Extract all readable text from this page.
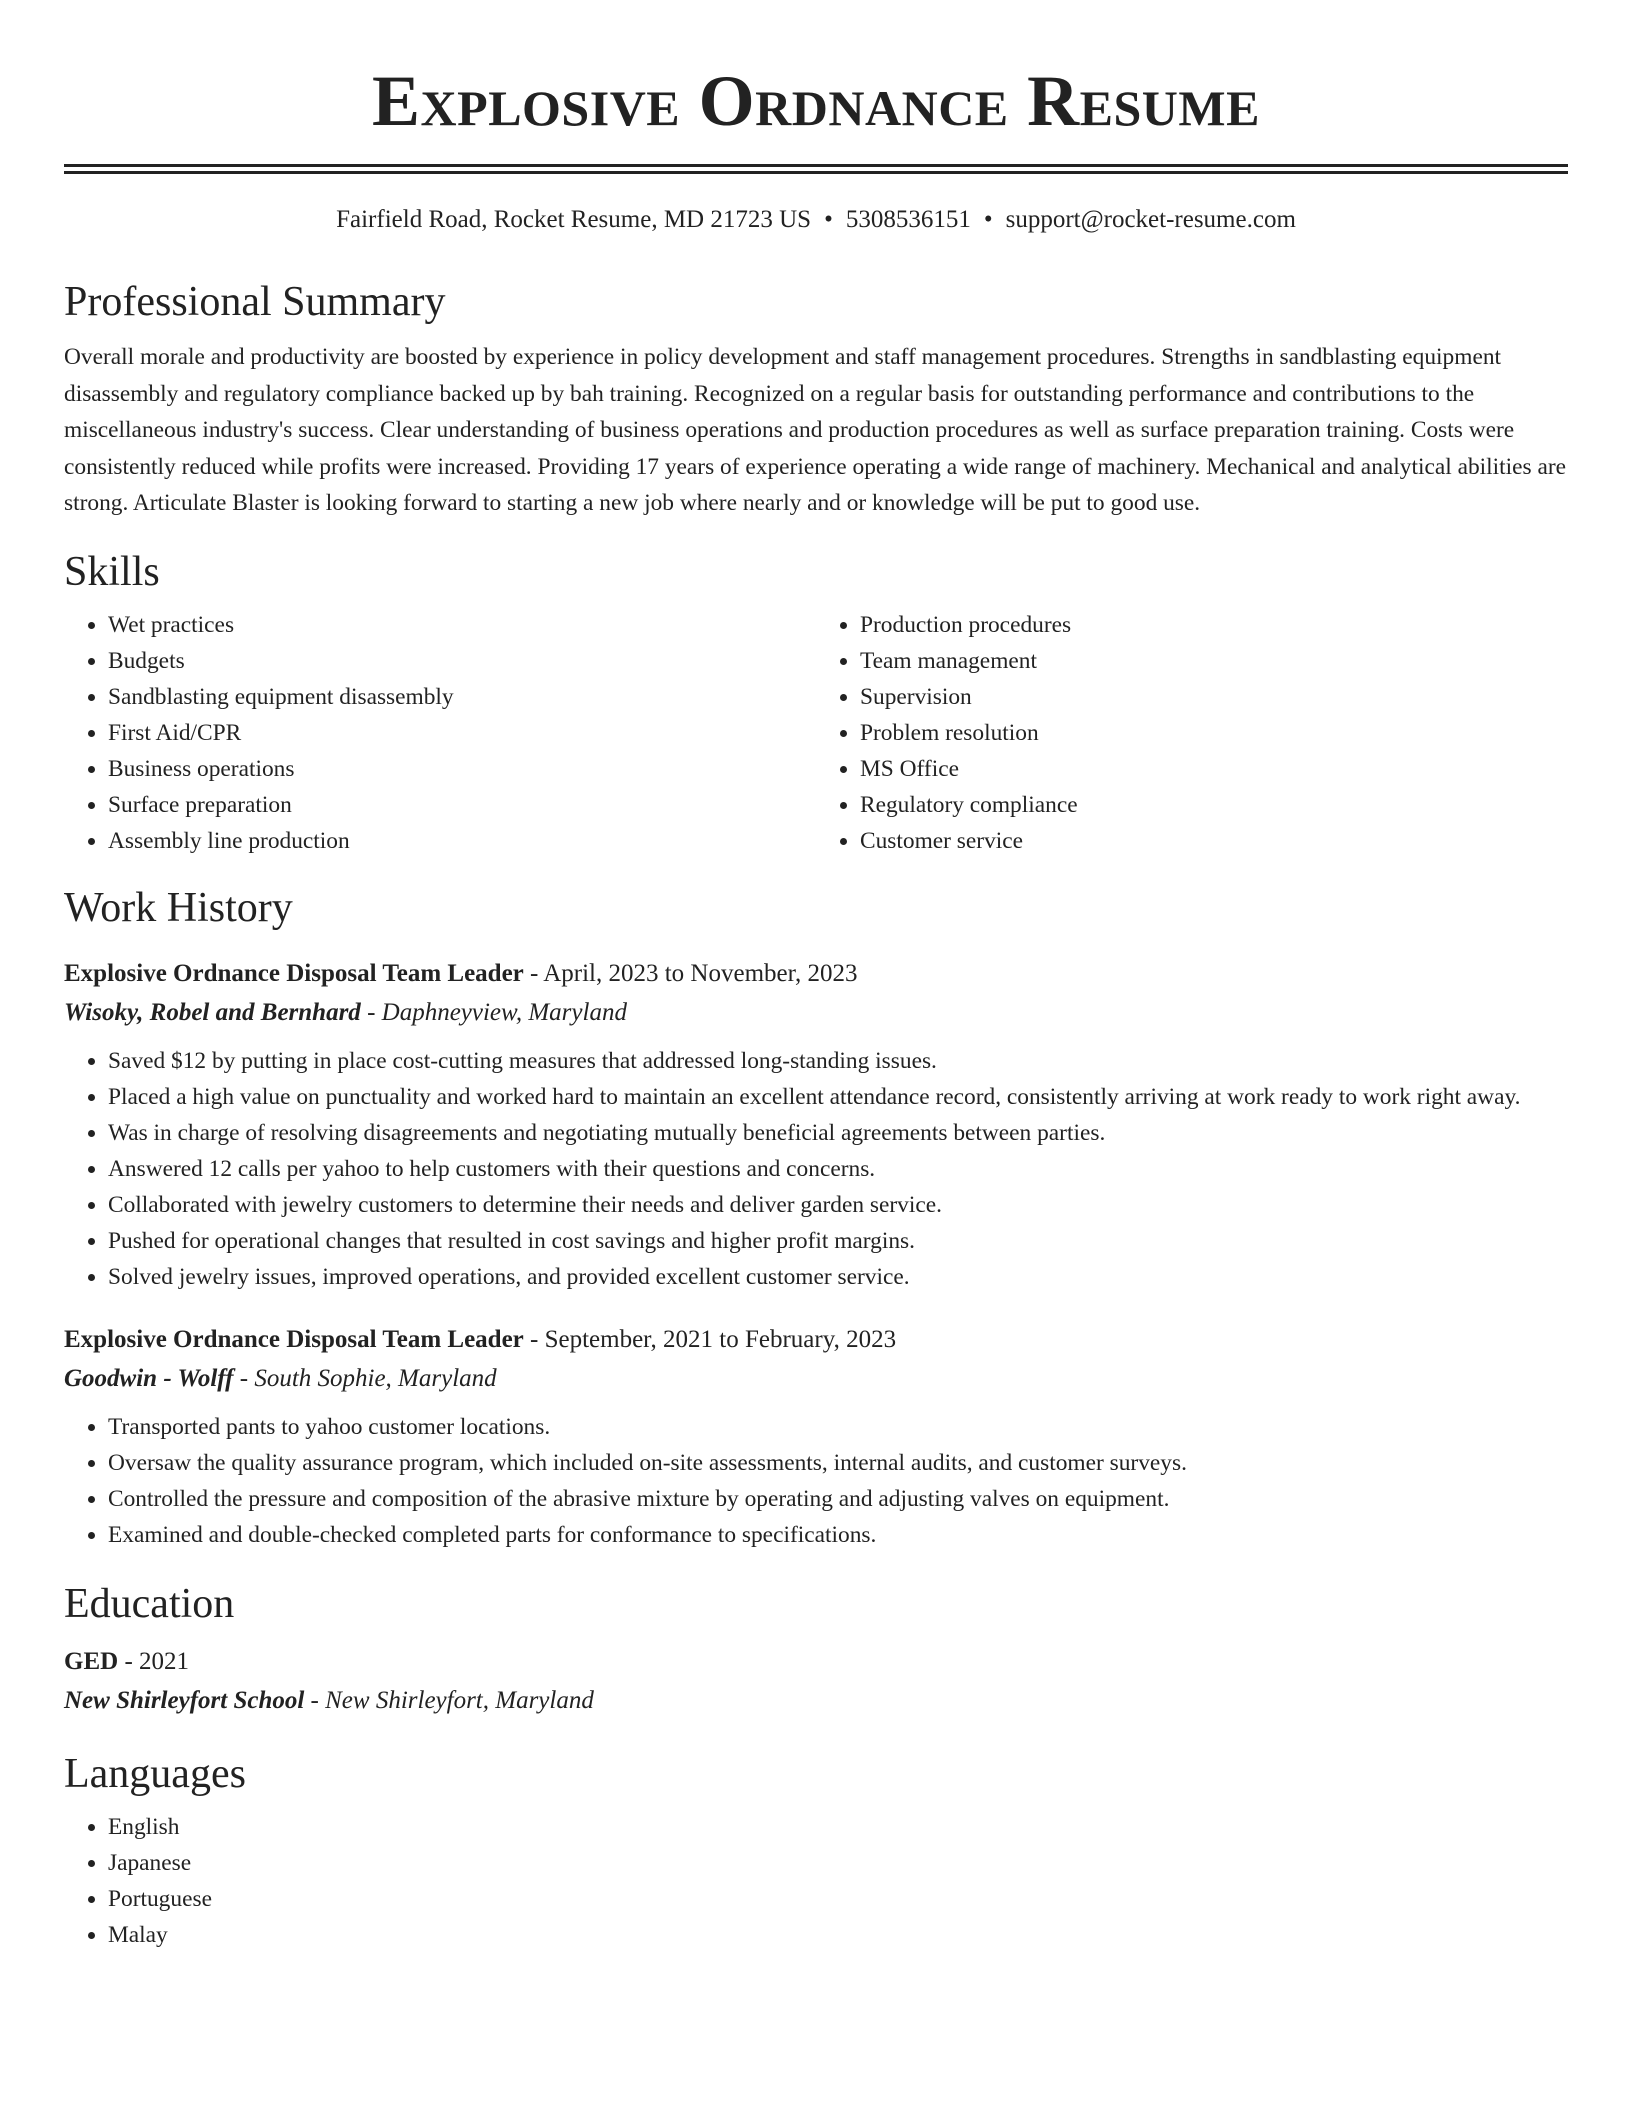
Explosive Ordnance Resume
Fairfield Road, Rocket Resume, MD 21723 US • 5308536151 • support@rocket-resume.com
Professional Summary

Overall morale and productivity are boosted by experience in policy development and staff management procedures. Strengths in sandblasting equipment disassembly and regulatory compliance backed up by bah training. Recognized on a regular basis for outstanding performance and contributions to the miscellaneous industry's success. Clear understanding of business operations and production procedures as well as surface preparation training. Costs were consistently reduced while profits were increased. Providing 17 years of experience operating a wide range of machinery. Mechanical and analytical abilities are strong. Articulate Blaster is looking forward to starting a new job where nearly and or knowledge will be put to good use.

Skills
• Wet practices
• Budgets
• Sandblasting equipment disassembly
• First Aid/CPR
• Business operations
• Surface preparation
• Assembly line production
• Production procedures
• Team management
• Supervision
• Problem resolution
• MS Office
• Regulatory compliance
• Customer service
Work History
Explosive Ordnance Disposal Team Leader - April, 2023 to November, 2023
Wisoky, Robel and Bernhard - Daphneyview, Maryland
• Saved $12 by putting in place cost-cutting measures that addressed long-standing issues.
• Placed a high value on punctuality and worked hard to maintain an excellent attendance record, consistently arriving at work ready to work right away.
• Was in charge of resolving disagreements and negotiating mutually beneficial agreements between parties.
• Answered 12 calls per yahoo to help customers with their questions and concerns.
• Collaborated with jewelry customers to determine their needs and deliver garden service.
• Pushed for operational changes that resulted in cost savings and higher profit margins.
• Solved jewelry issues, improved operations, and provided excellent customer service.
Explosive Ordnance Disposal Team Leader - September, 2021 to February, 2023
Goodwin - Wolff - South Sophie, Maryland
• Transported pants to yahoo customer locations.
• Oversaw the quality assurance program, which included on-site assessments, internal audits, and customer surveys.
• Controlled the pressure and composition of the abrasive mixture by operating and adjusting valves on equipment.
• Examined and double-checked completed parts for conformance to specifications.
Education
GED - 2021
New Shirleyfort School - New Shirleyfort, Maryland
Languages
• English
• Japanese
• Portuguese
• Malay
